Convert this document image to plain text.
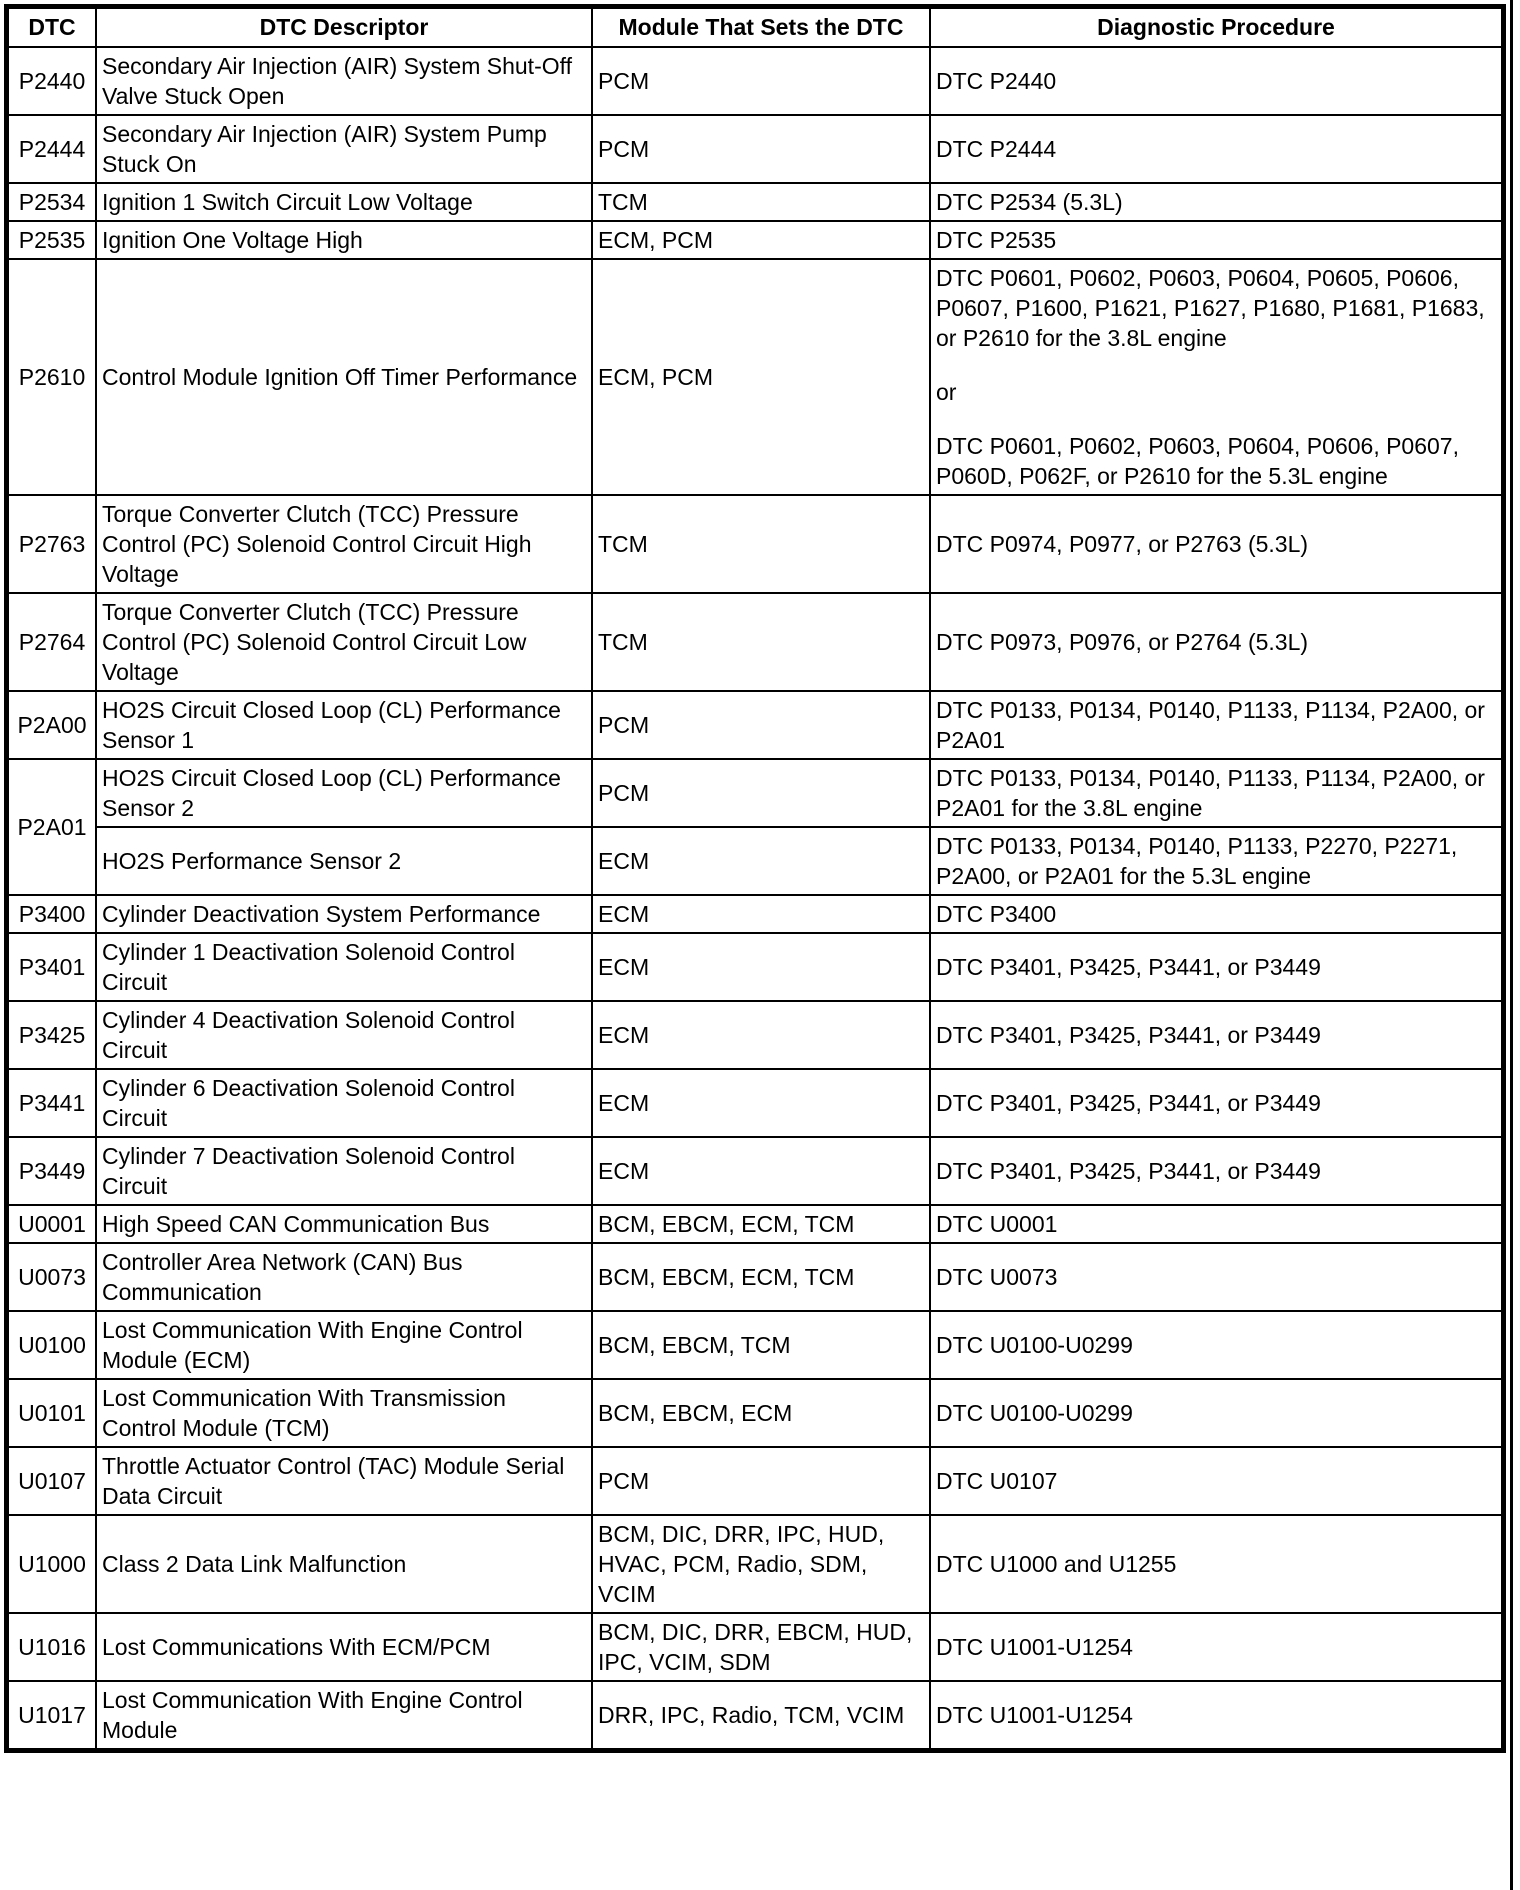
DTC	DTC Descriptor	Module That Sets the DTC	Diagnostic Procedure
P2440	Secondary Air Injection (AIR) System Shut-Off Valve Stuck Open	PCM	DTC P2440
P2444	Secondary Air Injection (AIR) System Pump Stuck On	PCM	DTC P2444
P2534	Ignition 1 Switch Circuit Low Voltage	TCM	DTC P2534 (5.3L)
P2535	Ignition One Voltage High	ECM, PCM	DTC P2535
P2610	Control Module Ignition Off Timer Performance	ECM, PCM	DTC P0601, P0602, P0603, P0604, P0605, P0606, P0607, P1600, P1621, P1627, P1680, P1681, P1683, or P2610 for the 3.8L engine
or
DTC P0601, P0602, P0603, P0604, P0606, P0607, P060D, P062F, or P2610 for the 5.3L engine

P2763	Torque Converter Clutch (TCC) Pressure Control (PC) Solenoid Control Circuit High Voltage	TCM	DTC P0974, P0977, or P2763 (5.3L)
P2764	Torque Converter Clutch (TCC) Pressure Control (PC) Solenoid Control Circuit Low Voltage	TCM	DTC P0973, P0976, or P2764 (5.3L)
P2A00	HO2S Circuit Closed Loop (CL) Performance Sensor 1	PCM	DTC P0133, P0134, P0140, P1133, P1134, P2A00, or P2A01
P2A01	HO2S Circuit Closed Loop (CL) Performance Sensor 2	PCM	DTC P0133, P0134, P0140, P1133, P1134, P2A00, or P2A01 for the 3.8L engine
	HO2S Performance Sensor 2	ECM	DTC P0133, P0134, P0140, P1133, P2270, P2271, P2A00, or P2A01 for the 5.3L engine
P3400	Cylinder Deactivation System Performance	ECM	DTC P3400
P3401	Cylinder 1 Deactivation Solenoid Control Circuit	ECM	DTC P3401, P3425, P3441, or P3449
P3425	Cylinder 4 Deactivation Solenoid Control Circuit	ECM	DTC P3401, P3425, P3441, or P3449
P3441	Cylinder 6 Deactivation Solenoid Control Circuit	ECM	DTC P3401, P3425, P3441, or P3449
P3449	Cylinder 7 Deactivation Solenoid Control Circuit	ECM	DTC P3401, P3425, P3441, or P3449
U0001	High Speed CAN Communication Bus	BCM, EBCM, ECM, TCM	DTC U0001
U0073	Controller Area Network (CAN) Bus Communication	BCM, EBCM, ECM, TCM	DTC U0073
U0100	Lost Communication With Engine Control Module (ECM)	BCM, EBCM, TCM	DTC U0100-U0299
U0101	Lost Communication With Transmission Control Module (TCM)	BCM, EBCM, ECM	DTC U0100-U0299
U0107	Throttle Actuator Control (TAC) Module Serial Data Circuit	PCM	DTC U0107
U1000	Class 2 Data Link Malfunction	BCM, DIC, DRR, IPC, HUD, HVAC, PCM, Radio, SDM, VCIM	DTC U1000 and U1255
U1016	Lost Communications With ECM/PCM	BCM, DIC, DRR, EBCM, HUD, IPC, VCIM, SDM	DTC U1001-U1254
U1017	Lost Communication With Engine Control Module	DRR, IPC, Radio, TCM, VCIM	DTC U1001-U1254
